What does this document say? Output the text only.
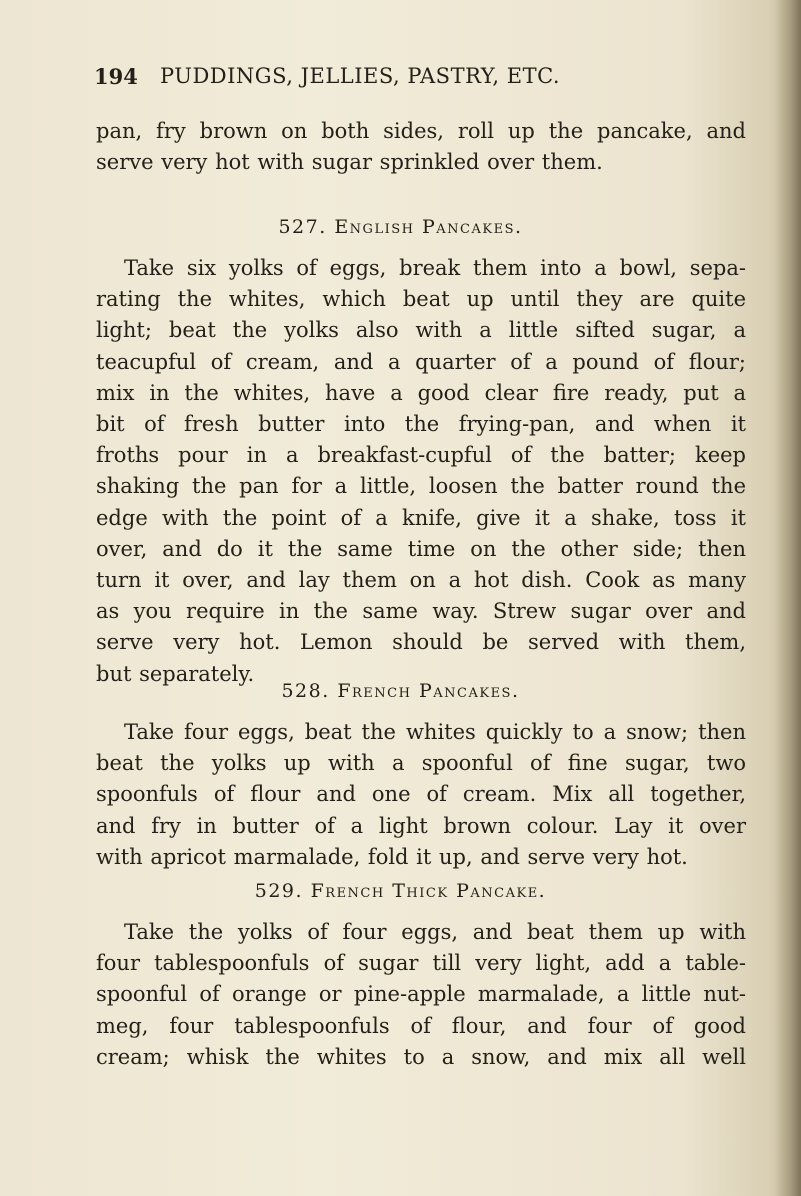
194 PUDDINGS, JELLIES, PASTRY, ETC.
pan, fry brown on both sides, roll up the pancake, and
serve very hot with sugar sprinkled over them.
527. English Pancakes.
Take six yolks of eggs, break them into a bowl, sepa-
rating the whites, which beat up until they are quite
light; beat the yolks also with a little sifted sugar, a
teacupful of cream, and a quarter of a pound of flour;
mix in the whites, have a good clear fire ready, put a
bit of fresh butter into the frying-pan, and when it
froths pour in a breakfast-cupful of the batter; keep
shaking the pan for a little, loosen the batter round the
edge with the point of a knife, give it a shake, toss it
over, and do it the same time on the other side; then
turn it over, and lay them on a hot dish. Cook as many
as you require in the same way. Strew sugar over and
serve very hot. Lemon should be served with them,
but separately.
528. French Pancakes.
Take four eggs, beat the whites quickly to a snow; then
beat the yolks up with a spoonful of fine sugar, two
spoonfuls of flour and one of cream. Mix all together,
and fry in butter of a light brown colour. Lay it over
with apricot marmalade, fold it up, and serve very hot.
529. French Thick Pancake.
Take the yolks of four eggs, and beat them up with
four tablespoonfuls of sugar till very light, add a table-
spoonful of orange or pine-apple marmalade, a little nut-
meg, four tablespoonfuls of flour, and four of good
cream; whisk the whites to a snow, and mix all well
